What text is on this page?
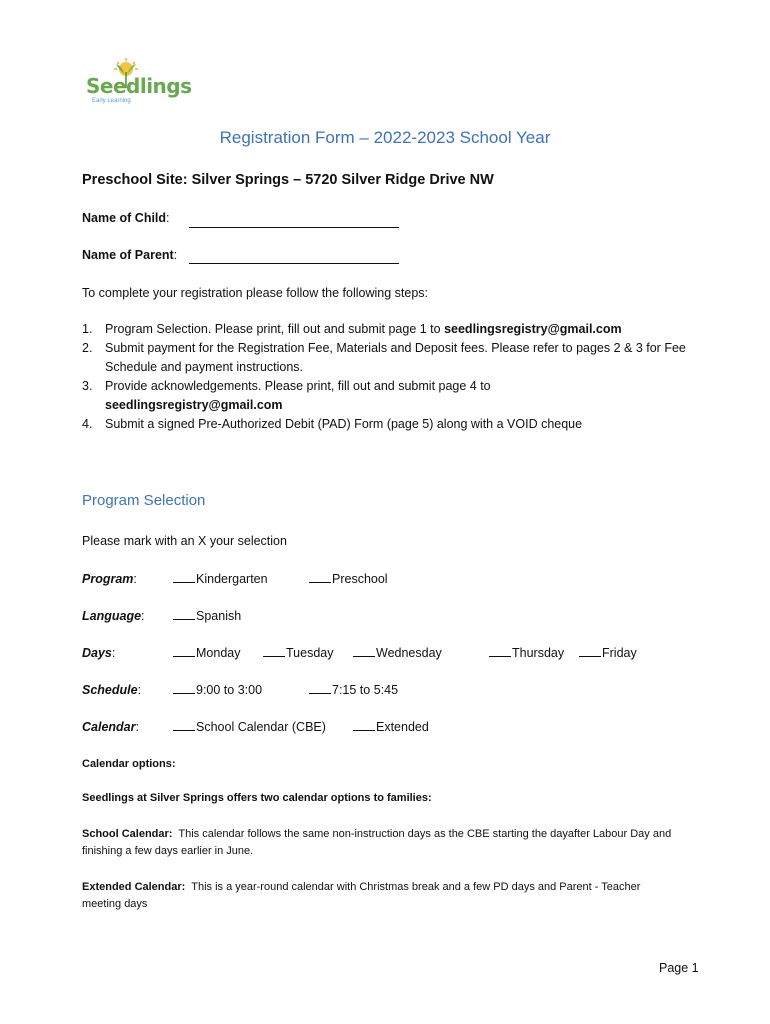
Seedlings
Early Learning
Registration Form – 2022-2023 School Year
Preschool Site: Silver Springs – 5720 Silver Ridge Drive NW
Name of Child:
Name of Parent:
To complete your registration please follow the following steps:
1. Program Selection. Please print, fill out and submit page 1 to seedlingsregistry@gmail.com
2. Submit payment for the Registration Fee, Materials and Deposit fees. Please refer to pages 2 & 3 for Fee Schedule and payment instructions.
3. Provide acknowledgements. Please print, fill out and submit page 4 to seedlingsregistry@gmail.com
4. Submit a signed Pre-Authorized Debit (PAD) Form (page 5) along with a VOID cheque
Program Selection
Please mark with an X your selection
Program:	Kindergarten	Preschool
Language:	Spanish
Days:	Monday	Tuesday	Wednesday	Thursday	Friday
Schedule:	9:00 to 3:00	7:15 to 5:45
Calendar:	School Calendar (CBE)	Extended
Calendar options:
Seedlings at Silver Springs offers two calendar options to families:
School Calendar: This calendar follows the same non-instruction days as the CBE starting the dayafter Labour Day and finishing a few days earlier in June.
Extended Calendar: This is a year-round calendar with Christmas break and a few PD days and Parent - Teacher meeting days
Page 1
